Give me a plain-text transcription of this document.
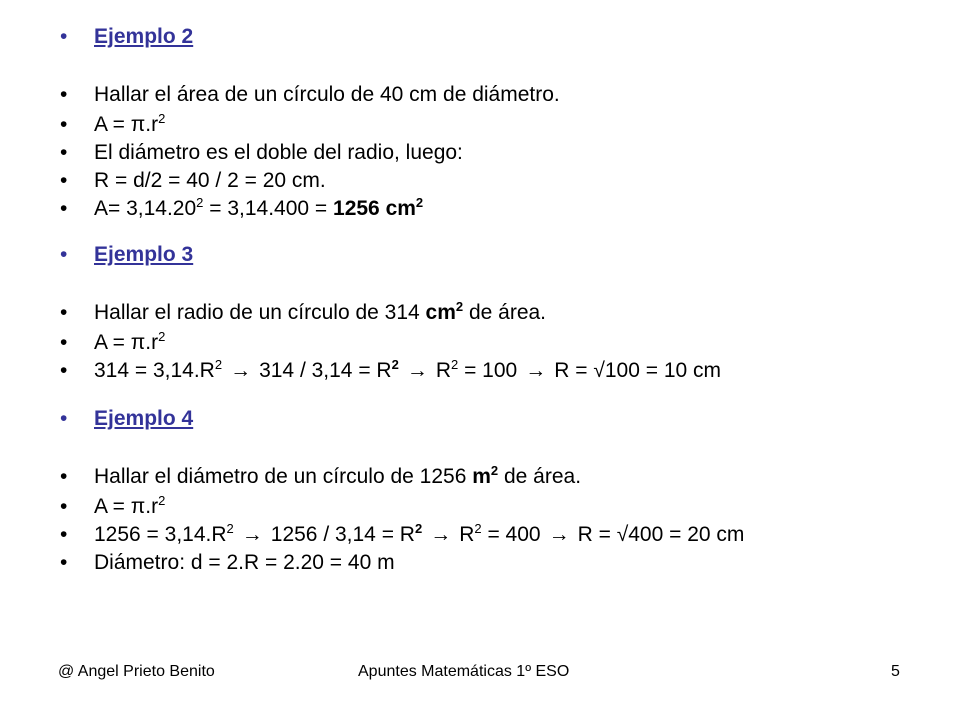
• Ejemplo 2
• Hallar el área de un círculo de 40 cm de diámetro.
• $A = \pi.r^2$
• El diámetro es el doble del radio, luego:
• R = d/2 = 40 / 2 = 20 cm.
• $A= 3,14.20^2 = 3,14.400 = 1256$ $cm^2$
• Ejemplo 3
• Hallar el radio de un círculo de 314 $cm^2$ de área.
• $A = \pi.r^2$
• $314 = 3,14.R^2 \to 314 / 3,14 = R^2 \to R^2 = 100 \to R = √100 = 10$ cm
• Ejemplo 4
• Hallar el diámetro de un círculo de 1256 $m^2$ de área.
• $A = \pi.r^2$
• $1256 = 3,14.R^2 \to 1256 / 3,14 = R^2 \to R^2 = 400 \to R = √400 = 20$ cm
• Diámetro: d = 2.R = 2.20 = 40 m
@ Angel Prieto Benito	Apuntes Matemáticas 1º ESO	5
